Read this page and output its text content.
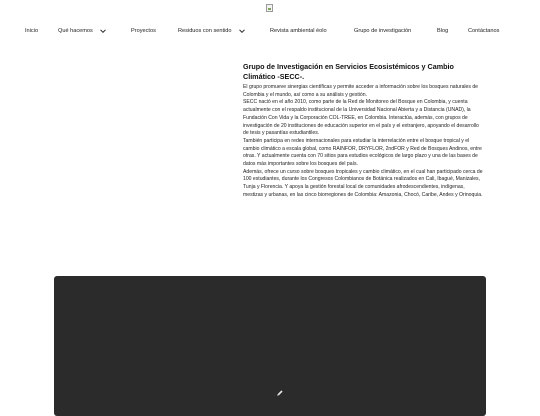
Inicio	Qué hacemos	Proyectos	Residuos con sentido	Revista ambiental éolo	Grupo de investigación	Blog	Contáctanos
Grupo de Investigación en Servicios Ecosistémicos y Cambio Climático -SECC-.

El grupo promueve sinergias científicas y permite acceder a información sobre los bosques naturales de Colombia y el mundo, así como a su análisis y gestión.

SECC nació en el año 2010, como parte de la Red de Monitoreo del Bosque en Colombia, y cuenta actualmente con el respaldo institucional de la Universidad Nacional Abierta y a Distancia (UNAD), la Fundación Con Vida y la Corporación COL-TREE, en Colombia. Interactúa, además, con grupos de investigación de 20 instituciones de educación superior en el país y el extranjero, apoyando el desarrollo de tesis y pasantías estudiantiles.

También participa en redes internacionales para estudiar la interrelación entre el bosque tropical y el cambio climático a escala global, como RAINFOR, DRYFLOR, 2ndFOR y Red de Bosques Andinos, entre otras. Y actualmente cuenta con 70 sitios para estudios ecológicos de largo plazo y una de las bases de datos más importantes sobre los bosques del país.

Además, ofrece un curso sobre bosques tropicales y cambio climático, en el cual han participado cerca de 100 estudiantes, durante los Congresos Colombianos de Botánica realizados en Cali, Ibagué, Manizales, Tunja y Florencia. Y apoya la gestión forestal local de comunidades afrodescendientes, indígenas, mestizas y urbanas, en las cinco biorregiones de Colombia: Amazonia, Chocó, Caribe, Andes y Orinoquia.
